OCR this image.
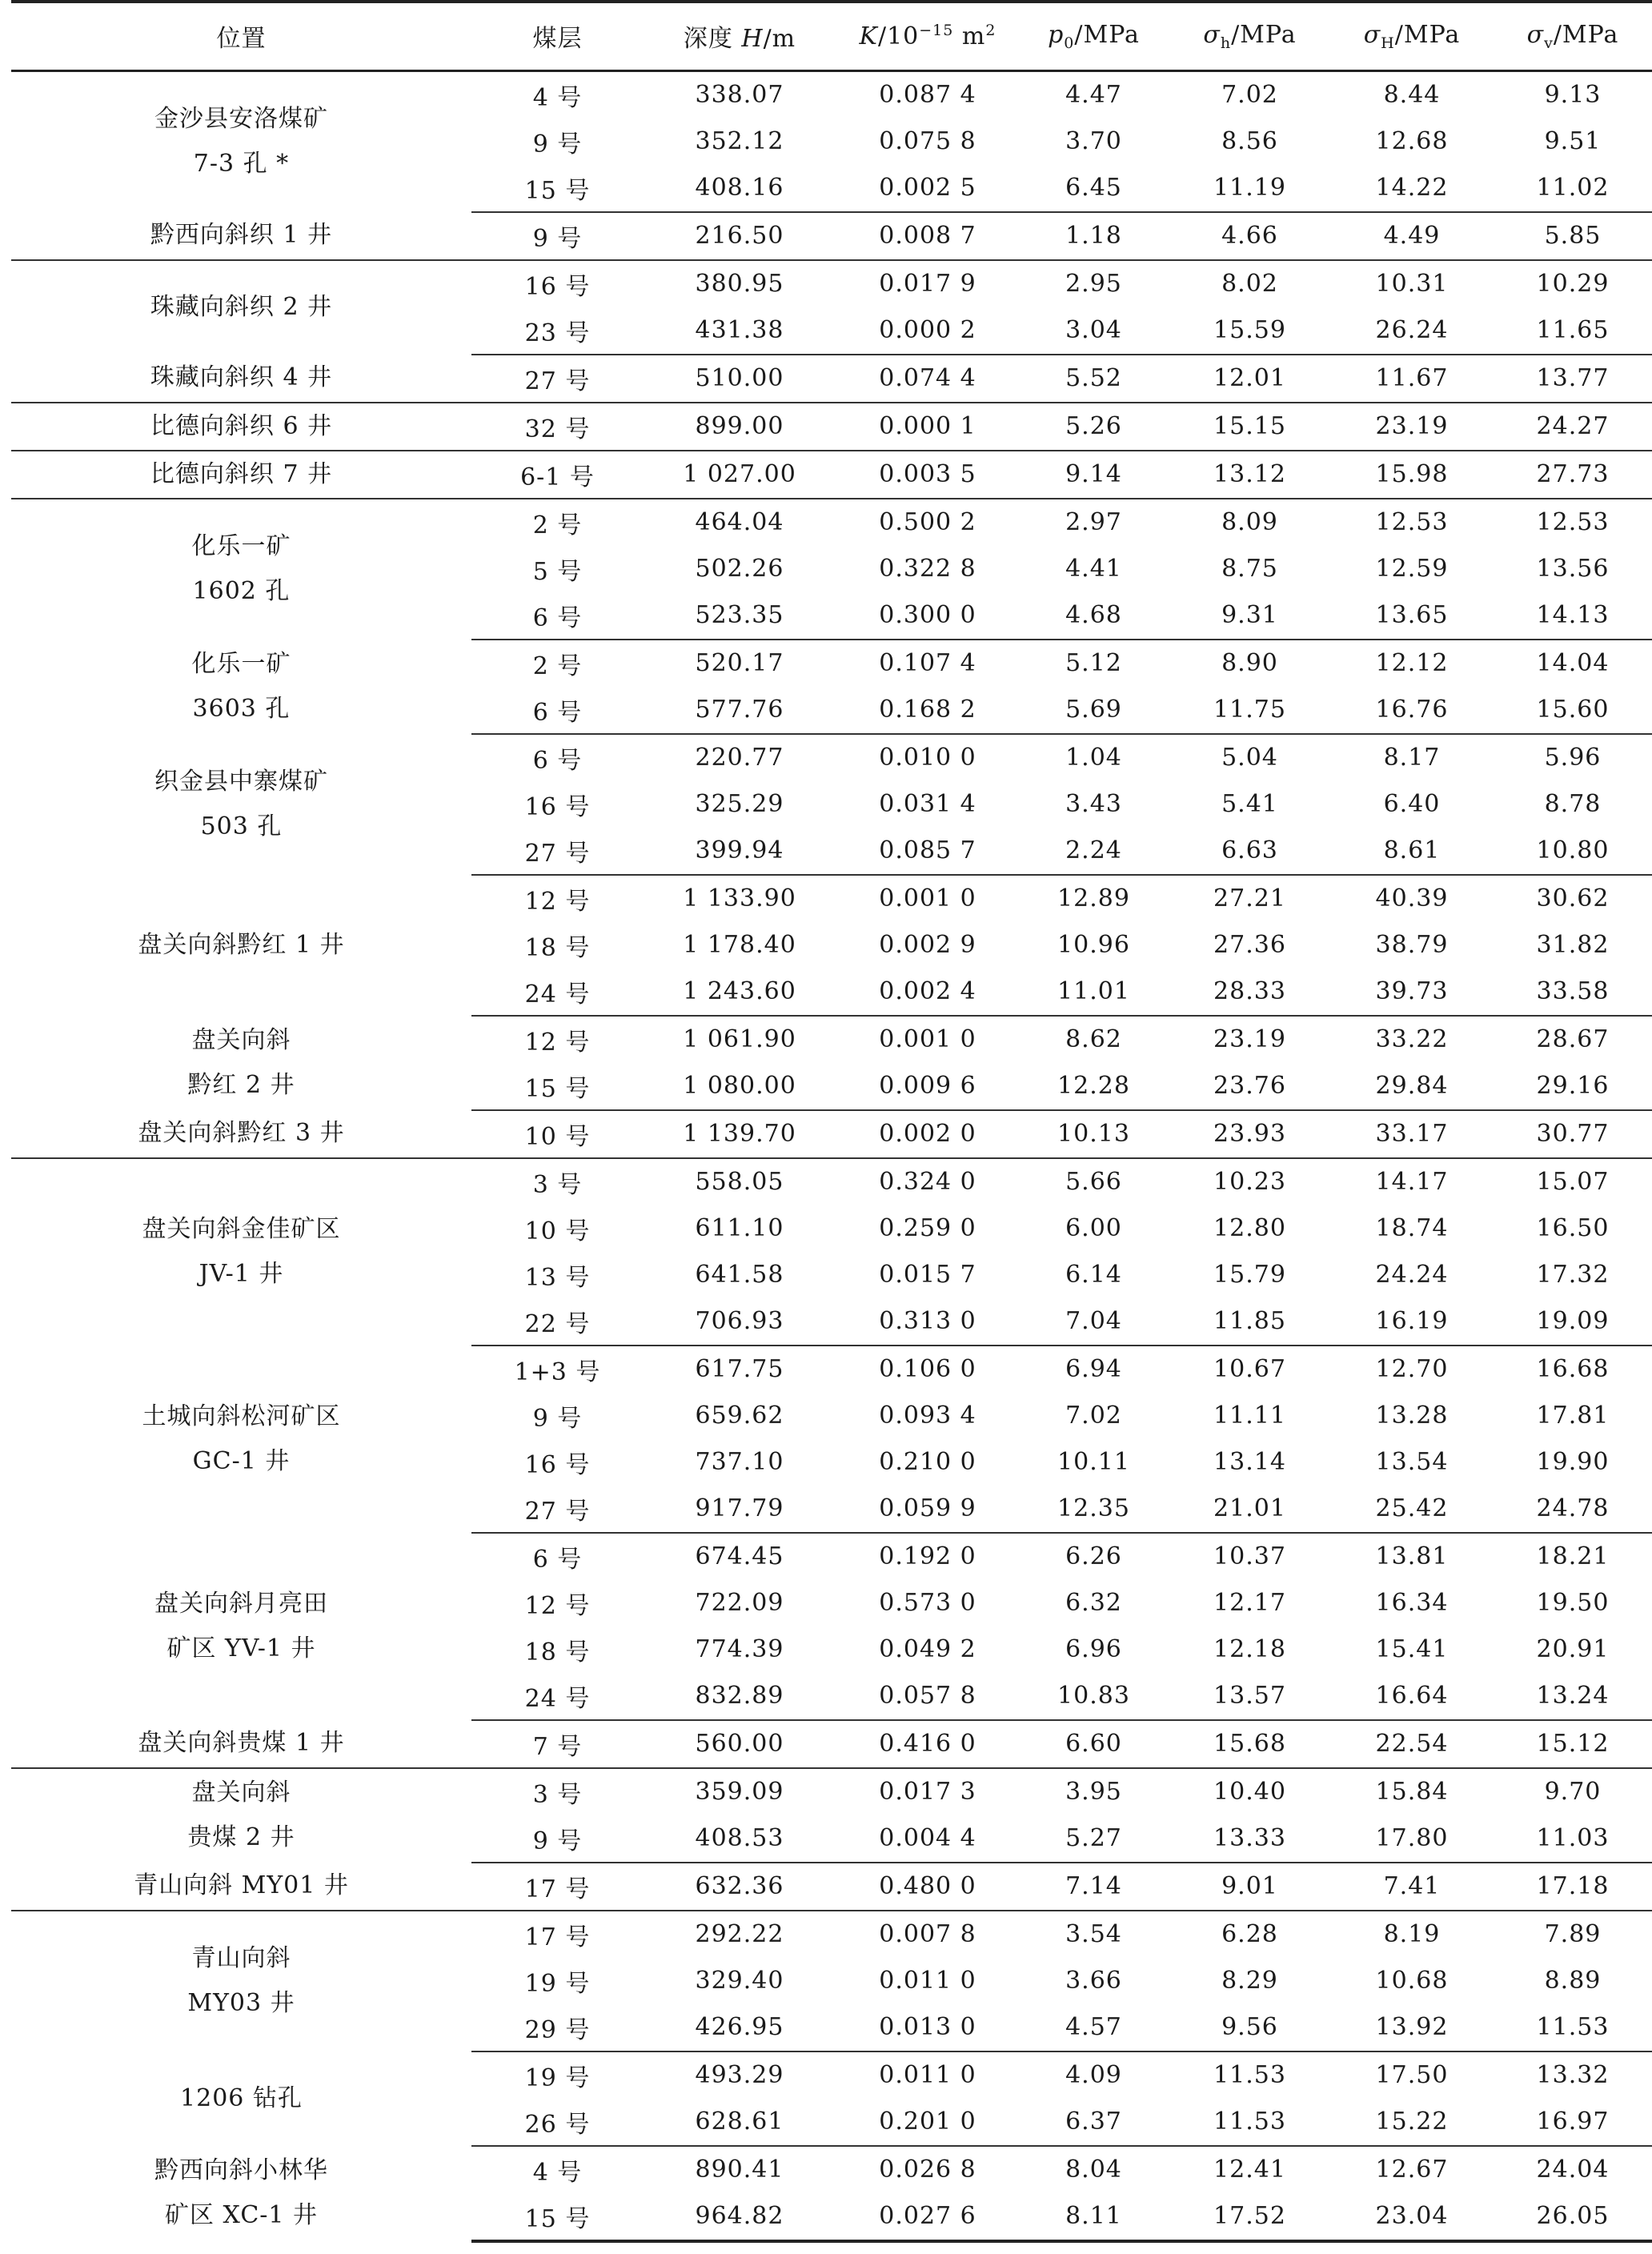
位置	煤层	深度 H/m	$K/10^{-15}$ $m^2$	$p_0$/MPa	$\sigma_h$/MPa	$\sigma_H$/MPa	$\sigma_v$/MPa

金沙县安洛煤矿
7-3 孔 *	4 号	338.07	0.087 4	4.47	7.02	8.44	9.13
	9 号	352.12	0.075 8	3.70	8.56	12.68	9.51
	15 号	408.16	0.002 5	6.45	11.19	14.22	11.02

黔西向斜织 1 井	9 号	216.50	0.008 7	1.18	4.66	4.49	5.85

珠藏向斜织 2 井	16 号	380.95	0.017 9	2.95	8.02	10.31	10.29
	23 号	431.38	0.000 2	3.04	15.59	26.24	11.65

珠藏向斜织 4 井	27 号	510.00	0.074 4	5.52	12.01	11.67	13.77

比德向斜织 6 井	32 号	899.00	0.000 1	5.26	15.15	23.19	24.27

比德向斜织 7 井	6-1 号	1 027.00	0.003 5	9.14	13.12	15.98	27.73

化乐一矿
1602 孔	2 号	464.04	0.500 2	2.97	8.09	12.53	12.53
	5 号	502.26	0.322 8	4.41	8.75	12.59	13.56
	6 号	523.35	0.300 0	4.68	9.31	13.65	14.13

化乐一矿
3603 孔	2 号	520.17	0.107 4	5.12	8.90	12.12	14.04
	6 号	577.76	0.168 2	5.69	11.75	16.76	15.60

织金县中寨煤矿
503 孔	6 号	220.77	0.010 0	1.04	5.04	8.17	5.96
	16 号	325.29	0.031 4	3.43	5.41	6.40	8.78
	27 号	399.94	0.085 7	2.24	6.63	8.61	10.80

盘关向斜黔红 1 井	12 号	1 133.90	0.001 0	12.89	27.21	40.39	30.62
	18 号	1 178.40	0.002 9	10.96	27.36	38.79	31.82
	24 号	1 243.60	0.002 4	11.01	28.33	39.73	33.58

盘关向斜
黔红 2 井	12 号	1 061.90	0.001 0	8.62	23.19	33.22	28.67
	15 号	1 080.00	0.009 6	12.28	23.76	29.84	29.16

盘关向斜黔红 3 井	10 号	1 139.70	0.002 0	10.13	23.93	33.17	30.77

盘关向斜金佳矿区
JV-1 井	3 号	558.05	0.324 0	5.66	10.23	14.17	15.07
	10 号	611.10	0.259 0	6.00	12.80	18.74	16.50
	13 号	641.58	0.015 7	6.14	15.79	24.24	17.32
	22 号	706.93	0.313 0	7.04	11.85	16.19	19.09

土城向斜松河矿区
GC-1 井	1+3 号	617.75	0.106 0	6.94	10.67	12.70	16.68
	9 号	659.62	0.093 4	7.02	11.11	13.28	17.81
	16 号	737.10	0.210 0	10.11	13.14	13.54	19.90
	27 号	917.79	0.059 9	12.35	21.01	25.42	24.78

盘关向斜月亮田
矿区 YV-1 井	6 号	674.45	0.192 0	6.26	10.37	13.81	18.21
	12 号	722.09	0.573 0	6.32	12.17	16.34	19.50
	18 号	774.39	0.049 2	6.96	12.18	15.41	20.91
	24 号	832.89	0.057 8	10.83	13.57	16.64	13.24

盘关向斜贵煤 1 井	7 号	560.00	0.416 0	6.60	15.68	22.54	15.12

盘关向斜
贵煤 2 井	3 号	359.09	0.017 3	3.95	10.40	15.84	9.70
	9 号	408.53	0.004 4	5.27	13.33	17.80	11.03

青山向斜 MY01 井	17 号	632.36	0.480 0	7.14	9.01	7.41	17.18

青山向斜
MY03 井	17 号	292.22	0.007 8	3.54	6.28	8.19	7.89
	19 号	329.40	0.011 0	3.66	8.29	10.68	8.89
	29 号	426.95	0.013 0	4.57	9.56	13.92	11.53

1206 钻孔	19 号	493.29	0.011 0	4.09	11.53	17.50	13.32
	26 号	628.61	0.201 0	6.37	11.53	15.22	16.97

黔西向斜小林华
矿区 XC-1 井	4 号	890.41	0.026 8	8.04	12.41	12.67	24.04
	15 号	964.82	0.027 6	8.11	17.52	23.04	26.05
